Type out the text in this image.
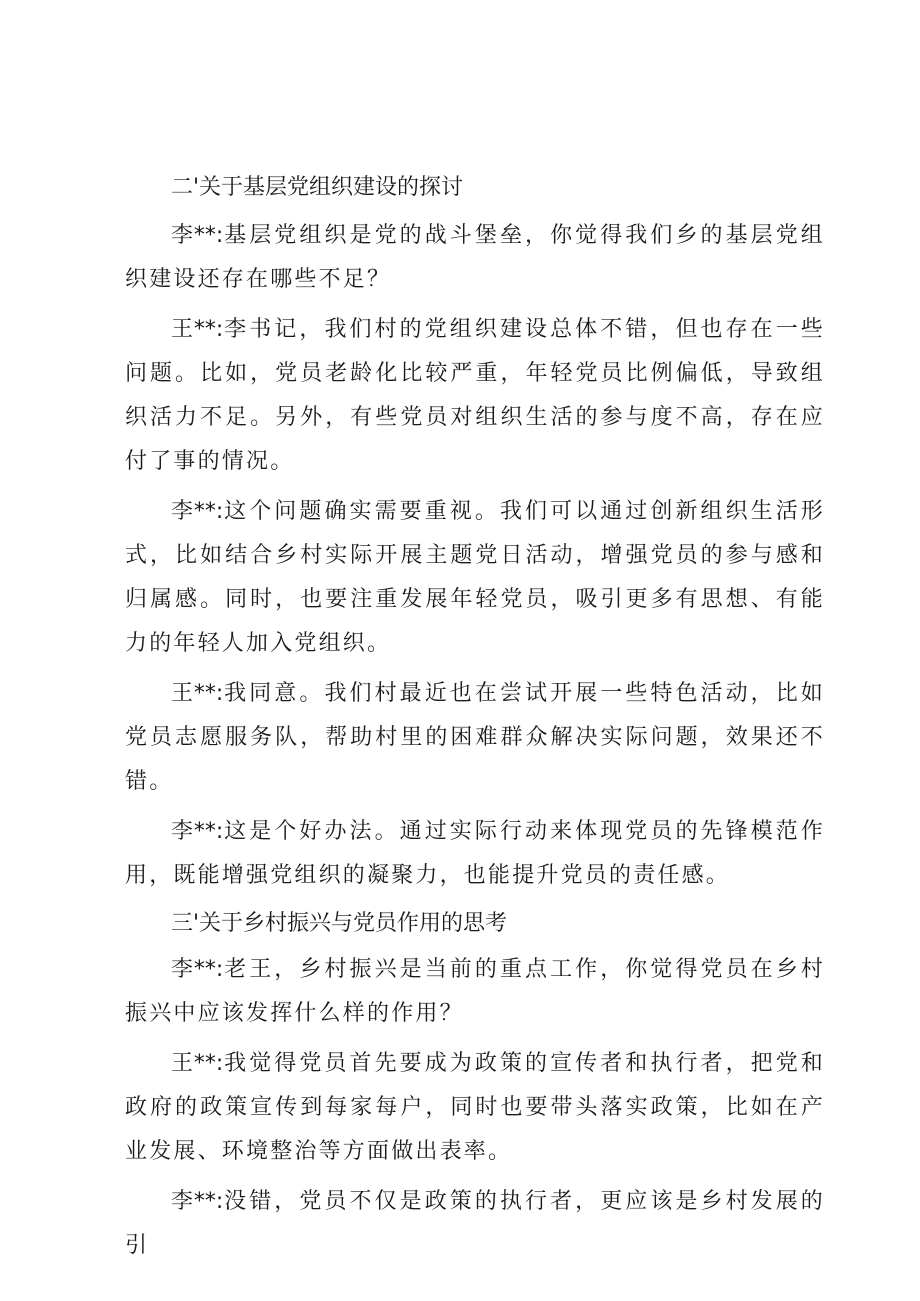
二'关于基层党组织建设的探讨

李**:基层党组织是党的战斗堡垒，你觉得我们乡的基层党组织建设还存在哪些不足？

王**:李书记，我们村的党组织建设总体不错，但也存在一些问题。比如，党员老龄化比较严重，年轻党员比例偏低，导致组织活力不足。另外，有些党员对组织生活的参与度不高，存在应付了事的情况。

李**:这个问题确实需要重视。我们可以通过创新组织生活形式，比如结合乡村实际开展主题党日活动，增强党员的参与感和归属感。同时，也要注重发展年轻党员，吸引更多有思想、有能力的年轻人加入党组织。

王**:我同意。我们村最近也在尝试开展一些特色活动，比如党员志愿服务队，帮助村里的困难群众解决实际问题，效果还不错。

李**:这是个好办法。通过实际行动来体现党员的先锋模范作用，既能增强党组织的凝聚力，也能提升党员的责任感。

三'关于乡村振兴与党员作用的思考

李**:老王，乡村振兴是当前的重点工作，你觉得党员在乡村振兴中应该发挥什么样的作用？

王**:我觉得党员首先要成为政策的宣传者和执行者，把党和政府的政策宣传到每家每户，同时也要带头落实政策，比如在产业发展、环境整治等方面做出表率。

李**:没错，党员不仅是政策的执行者，更应该是乡村发展的引
